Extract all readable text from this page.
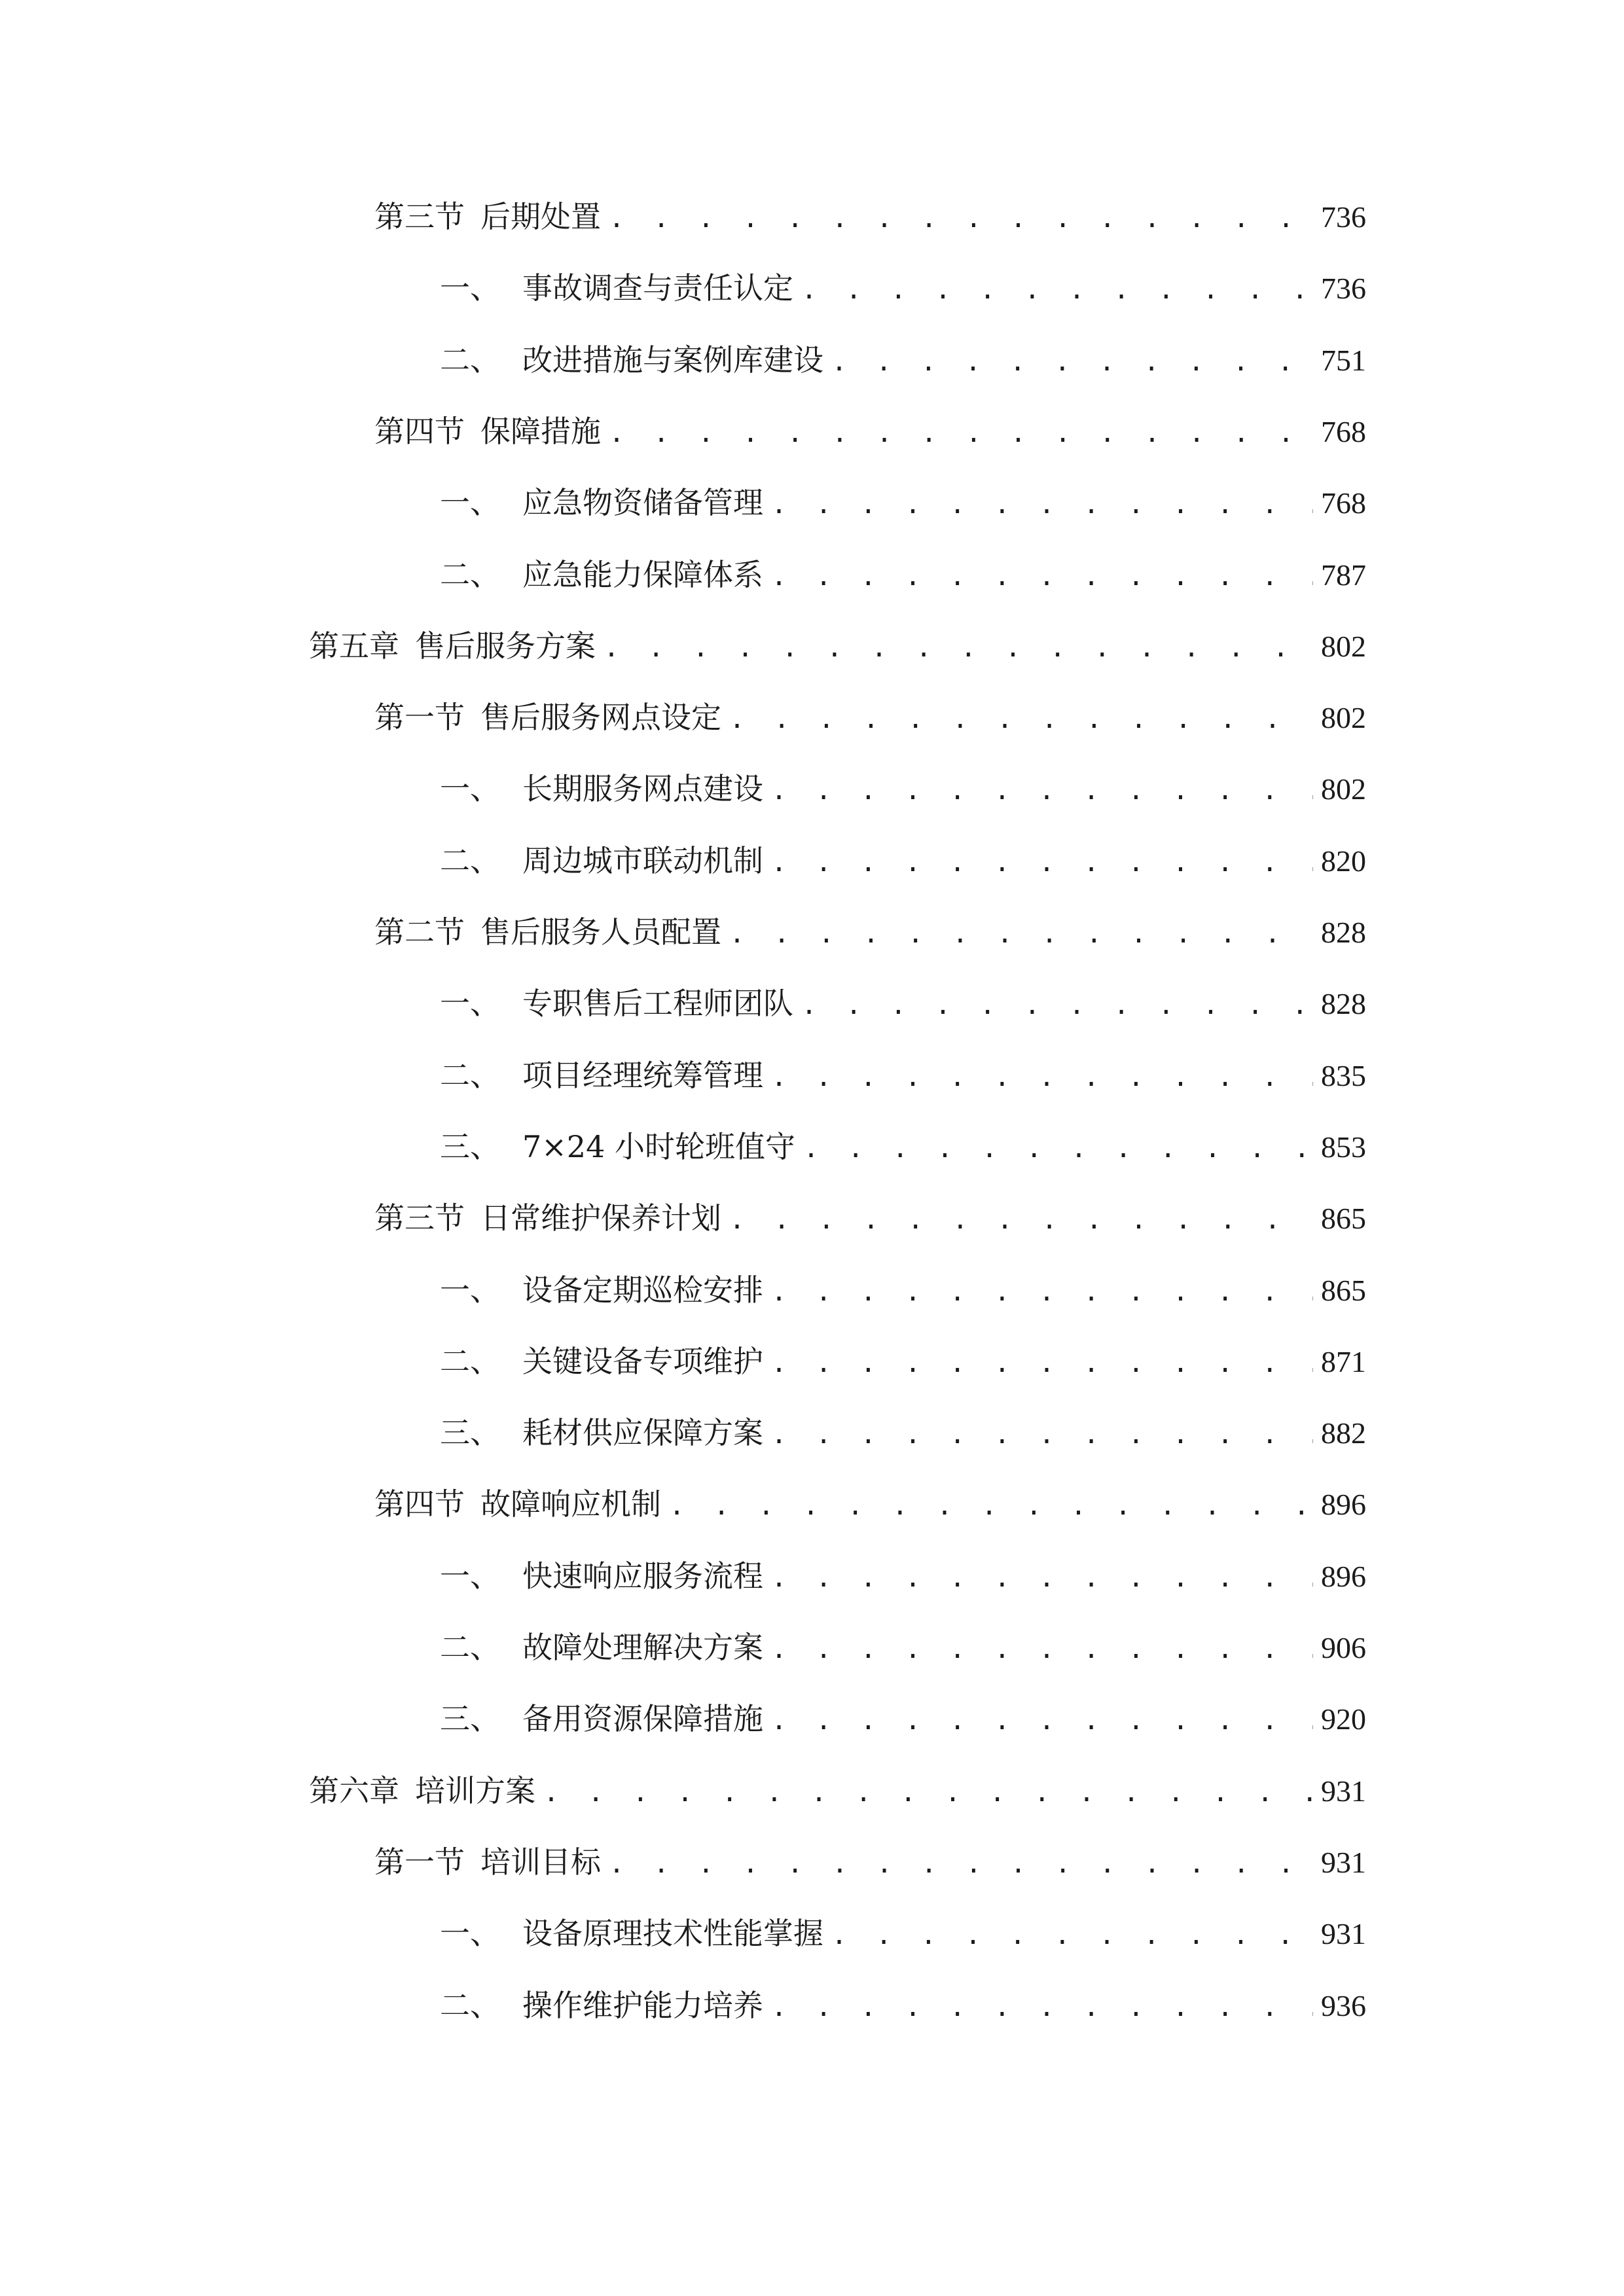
第三节 后期处置 . . .	736
一、 事故调查与责任认定 . . .	736
二、 改进措施与案例库建设 . . .	751
第四节 保障措施 . . .	768
一、 应急物资储备管理 . . .	768
二、 应急能力保障体系 . . .	787
第五章 售后服务方案 . . .	802
第一节 售后服务网点设定 . . .	802
一、 长期服务网点建设 . . .	802
二、 周边城市联动机制 . . .	820
第二节 售后服务人员配置 . . .	828
一、 专职售后工程师团队 . . .	828
二、 项目经理统筹管理 . . .	835
三、 7×24 小时轮班值守 . . .	853
第三节 日常维护保养计划 . . .	865
一、 设备定期巡检安排 . . .	865
二、 关键设备专项维护 . . .	871
三、 耗材供应保障方案 . . .	882
第四节 故障响应机制 . . .	896
一、 快速响应服务流程 . . .	896
二、 故障处理解决方案 . . .	906
三、 备用资源保障措施 . . .	920
第六章 培训方案 . . .	931
第一节 培训目标 . . .	931
一、 设备原理技术性能掌握 . . .	931
二、 操作维护能力培养 . . .	936
